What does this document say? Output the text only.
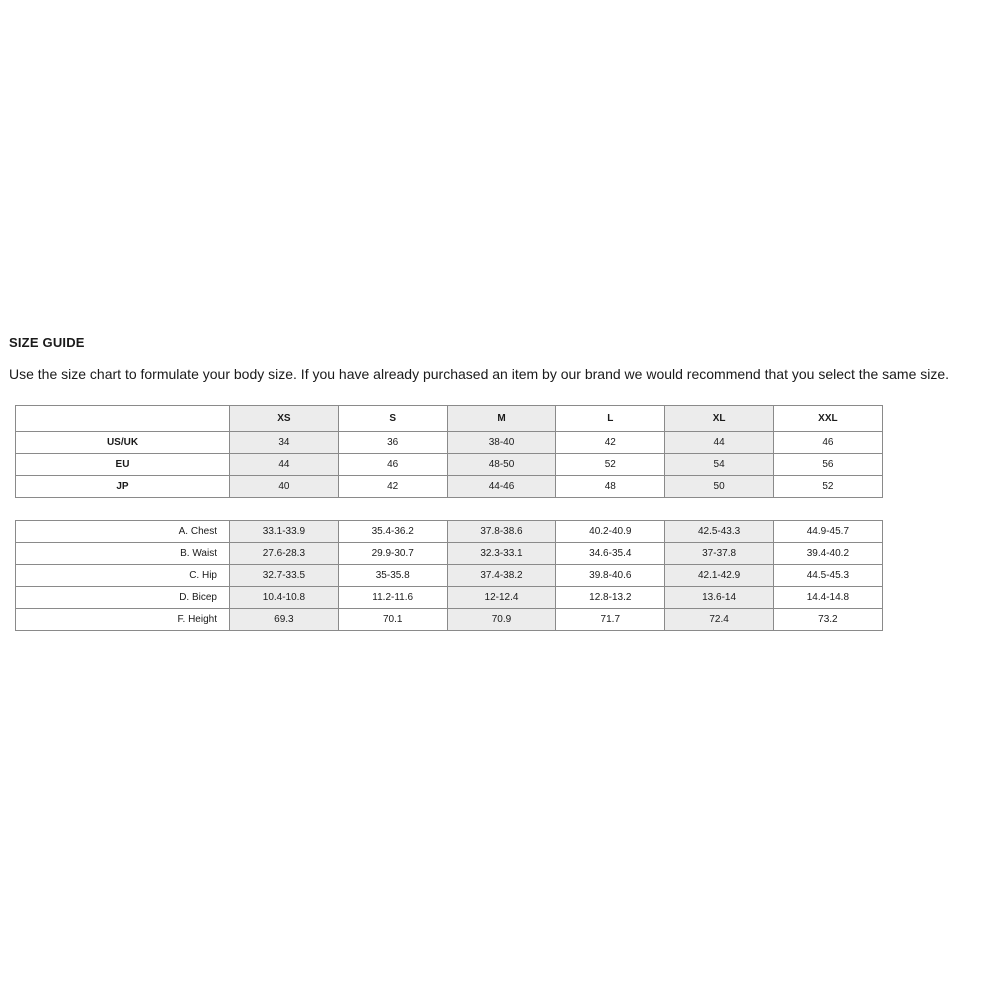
SIZE GUIDE

Use the size chart to formulate your body size. If you have already purchased an item by our brand we would recommend that you select the same size.

	XS	S	M	L	XL	XXL
US/UK	34	36	38-40	42	44	46
EU	44	46	48-50	52	54	56
JP	40	42	44-46	48	50	52
A. Chest	33.1-33.9	35.4-36.2	37.8-38.6	40.2-40.9	42.5-43.3	44.9-45.7
B. Waist	27.6-28.3	29.9-30.7	32.3-33.1	34.6-35.4	37-37.8	39.4-40.2
C. Hip	32.7-33.5	35-35.8	37.4-38.2	39.8-40.6	42.1-42.9	44.5-45.3
D. Bicep	10.4-10.8	11.2-11.6	12-12.4	12.8-13.2	13.6-14	14.4-14.8
F. Height	69.3	70.1	70.9	71.7	72.4	73.2
